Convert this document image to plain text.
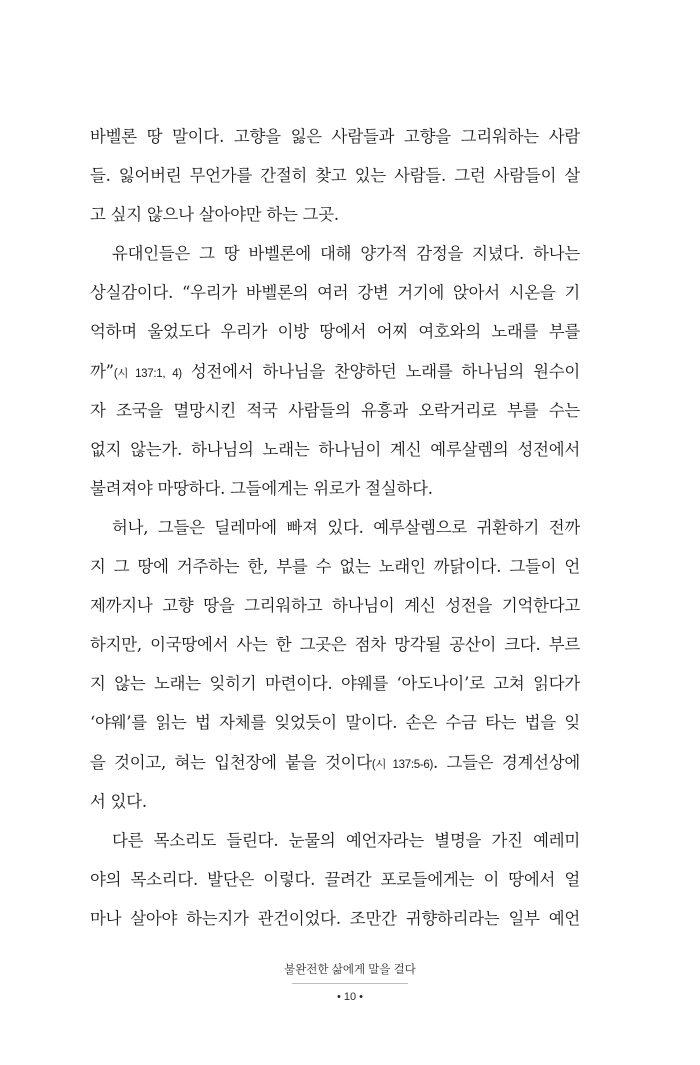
바벨론 땅 말이다. 고향을 잃은 사람들과 고향을 그리워하는 사람
들. 잃어버린 무언가를 간절히 찾고 있는 사람들. 그런 사람들이 살
고 싶지 않으나 살아야만 하는 그곳.
유대인들은 그 땅 바벨론에 대해 양가적 감정을 지녔다. 하나는
상실감이다. “우리가 바벨론의 여러 강변 거기에 앉아서 시온을 기
억하며 울었도다 우리가 이방 땅에서 어찌 여호와의 노래를 부를
까”(시 137:1, 4) 성전에서 하나님을 찬양하던 노래를 하나님의 원수이
자 조국을 멸망시킨 적국 사람들의 유흥과 오락거리로 부를 수는
없지 않는가. 하나님의 노래는 하나님이 계신 예루살렘의 성전에서
불려져야 마땅하다. 그들에게는 위로가 절실하다.
허나, 그들은 딜레마에 빠져 있다. 예루살렘으로 귀환하기 전까
지 그 땅에 거주하는 한, 부를 수 없는 노래인 까닭이다. 그들이 언
제까지나 고향 땅을 그리워하고 하나님이 계신 성전을 기억한다고
하지만, 이국땅에서 사는 한 그곳은 점차 망각될 공산이 크다. 부르
지 않는 노래는 잊히기 마련이다. 야웨를 ‘아도나이’로 고쳐 읽다가
‘야웨’를 읽는 법 자체를 잊었듯이 말이다. 손은 수금 타는 법을 잊
을 것이고, 혀는 입천장에 붙을 것이다(시 137:5-6). 그들은 경계선상에
서 있다.
다른 목소리도 들린다. 눈물의 예언자라는 별명을 가진 예레미
야의 목소리다. 발단은 이렇다. 끌려간 포로들에게는 이 땅에서 얼
마나 살아야 하는지가 관건이었다. 조만간 귀향하리라는 일부 예언
불완전한 삶에게 말을 걸다
• 10 •
